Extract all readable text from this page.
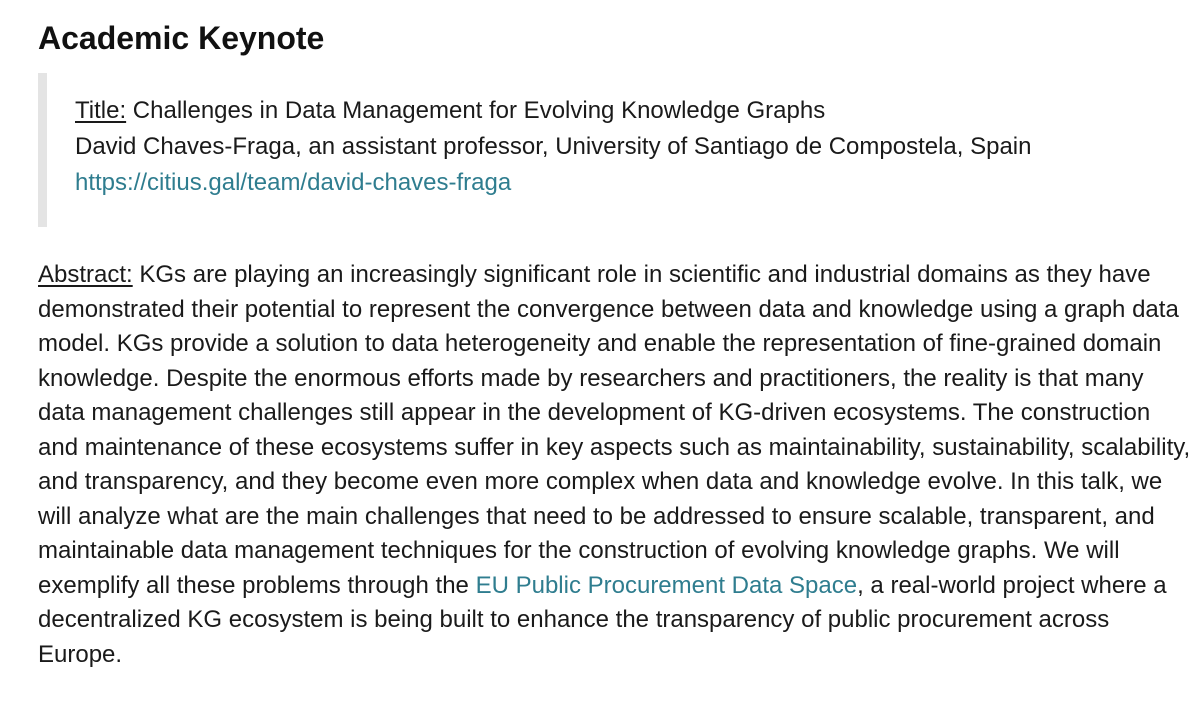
Academic Keynote
Title: Challenges in Data Management for Evolving Knowledge Graphs
David Chaves-Fraga, an assistant professor, University of Santiago de Compostela, Spain
https://citius.gal/team/david-chaves-fraga
Abstract: KGs are playing an increasingly significant role in scientific and industrial domains as they have
demonstrated their potential to represent the convergence between data and knowledge using a graph data
model. KGs provide a solution to data heterogeneity and enable the representation of fine-grained domain
knowledge. Despite the enormous efforts made by researchers and practitioners, the reality is that many
data management challenges still appear in the development of KG-driven ecosystems. The construction
and maintenance of these ecosystems suffer in key aspects such as maintainability, sustainability, scalability,
and transparency, and they become even more complex when data and knowledge evolve. In this talk, we
will analyze what are the main challenges that need to be addressed to ensure scalable, transparent, and
maintainable data management techniques for the construction of evolving knowledge graphs. We will
exemplify all these problems through the EU Public Procurement Data Space, a real-world project where a
decentralized KG ecosystem is being built to enhance the transparency of public procurement across
Europe.
